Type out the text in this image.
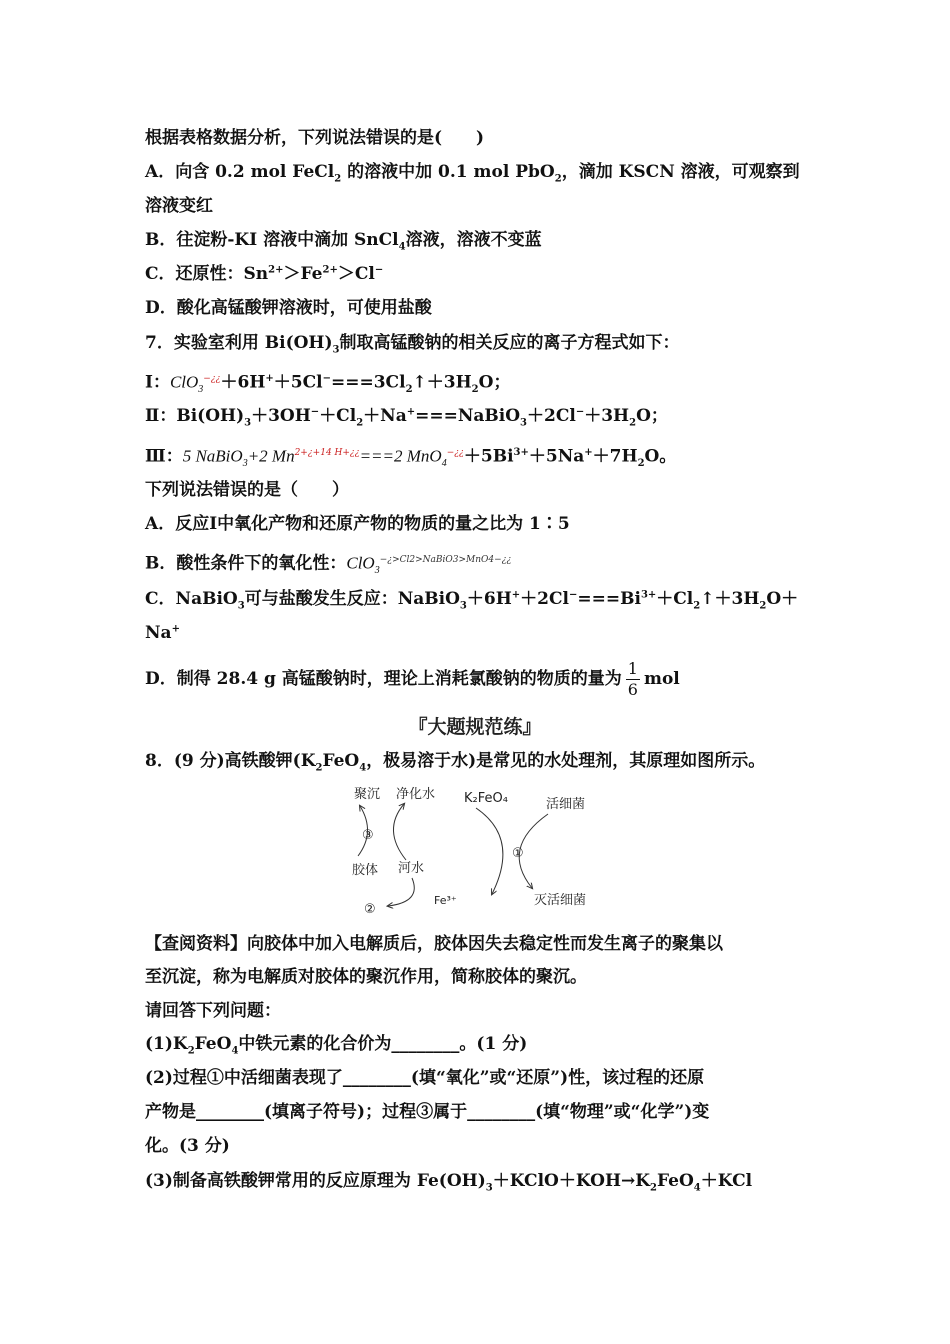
根据表格数据分析，下列说法错误的是(　　)
A．向含 0.2 mol FeCl$_2$ 的溶液中加 0.1 mol PbO$_2$，滴加 KSCN 溶液，可观察到
溶液变红
B．往淀粉-KI 溶液中滴加 SnCl$_4$溶液，溶液不变蓝
C．还原性：$Sn^{2+}>Fe^{2+}>Cl^-$
D．酸化高锰酸钾溶液时，可使用盐酸
7．实验室利用 $Bi(OH)_3$制取高锰酸钠的相关反应的离子方程式如下：
Ⅰ：$ClO_3^{-¿¿}+6H^++5Cl^-===3Cl_2↑+3H_2O$；
Ⅱ：$Bi(OH)_3+3OH^-+Cl_2+Na^+===NaBiO_3+2Cl^-+3H_2O$；
Ⅲ：5 NaBiO$_3$+2 $Mn^{2+¿+14 H+¿¿}===2$ $MnO_4^{-¿¿}+5Bi^{3+}+5Na^++7H_2O$。
下列说法错误的是（　　）
A．反应Ⅰ中氧化产物和还原产物的物质的量之比为 1∶5
B．酸性条件下的氧化性：ClO$_3^{-¿>Cl2>NaBiO3>MnO4-¿¿}$
C．NaBiO$_3$可与盐酸发生反应：$NaBiO_3+6H^++2Cl^-===Bi^{3+}+Cl_2↑+3H_2O+$
Na+
D．制得 28.4 g 高锰酸钠时，理论上消耗氯酸钠的物质的量为 $\frac{1}{6}$ mol
『大题规范练』
8．(9 分)高铁酸钾($K_2FeO_4$，极易溶于水)是常见的水处理剂，其原理如图所示。
聚沉 净化水 K₂FeO₄	活细菌
③
①
胶体 河水
Fe³⁺	灭活细菌
②
【查阅资料】向胶体中加入电解质后，胶体因失去稳定性而发生离子的聚集以
至沉淀，称为电解质对胶体的聚沉作用，简称胶体的聚沉。
请回答下列问题：
$(1)K_2FeO_4$中铁元素的化合价为________。(1 分)
(2)过程①中活细菌表现了________(填“氧化”或“还原”)性，该过程的还原
产物是________(填离子符号)；过程③属于________(填“物理”或“化学”)变
化。(3 分)
(3)制备高铁酸钾常用的反应原理为 $Fe(OH)_3+KClO+KOH\to K_2FeO_4+KCl$
